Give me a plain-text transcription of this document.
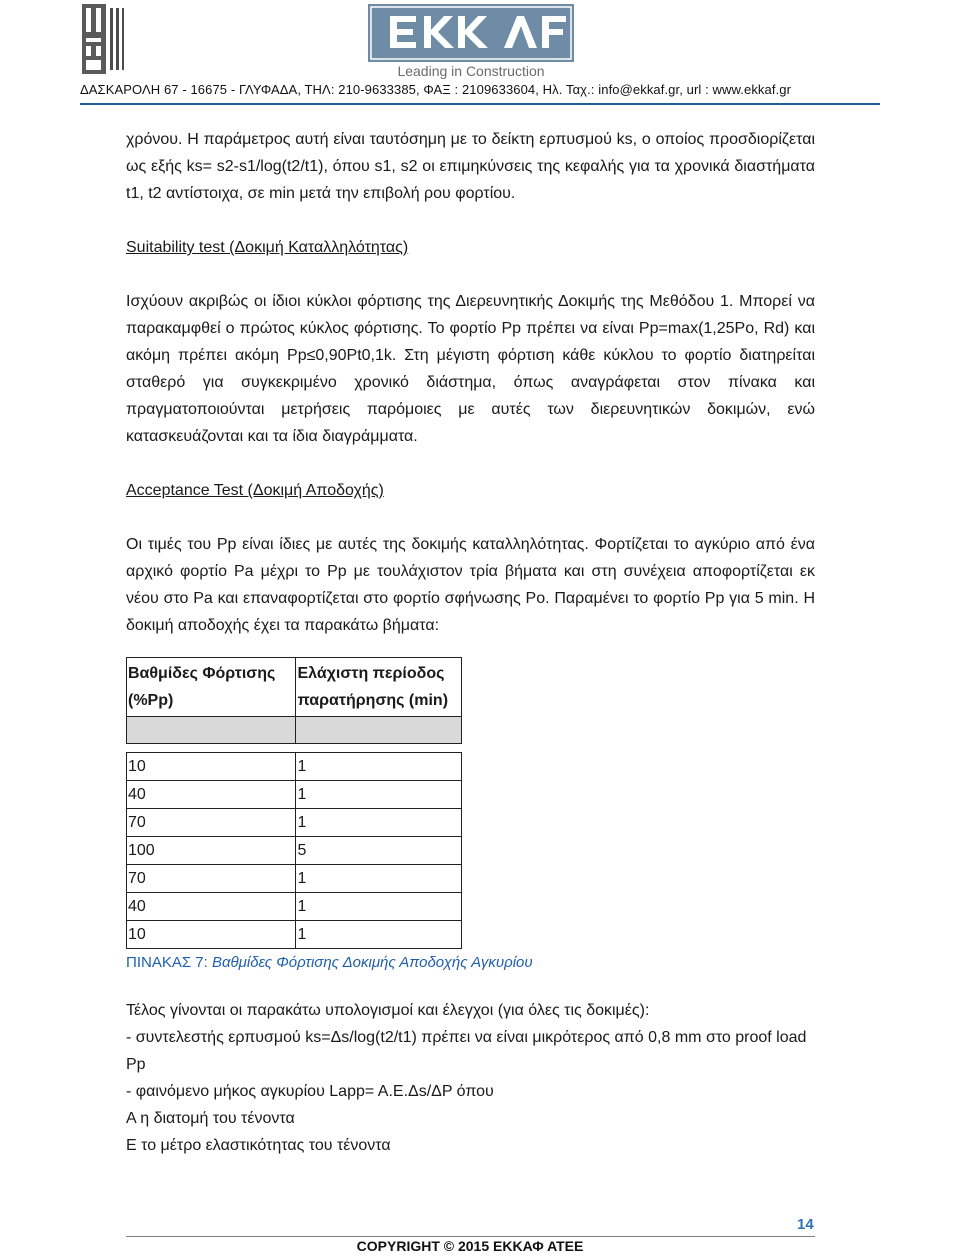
Leading in Construction
ΔΑΣΚΑΡΟΛΗ 67 - 16675 - ΓΛΥΦΑΔΑ, ΤΗΛ: 210-9633385, ΦΑΞ : 2109633604, Ηλ. Ταχ.: info@ekkaf.gr, url : www.ekkaf.gr

χρόνου. Η παράμετρος αυτή είναι ταυτόσημη με το δείκτη ερπυσμού ks, ο οποίος προσδιορίζεται ως εξής ks= s2-s1/log(t2/t1), όπου s1, s2 οι επιμηκύνσεις της κεφαλής για τα χρονικά διαστήματα t1, t2 αντίστοιχα, σε min μετά την επιβολή ρου φορτίου.

Suitability test (Δοκιμή Καταλληλότητας)

Ισχύουν ακριβώς οι ίδιοι κύκλοι φόρτισης της Διερευνητικής Δοκιμής της Μεθόδου 1. Μπορεί να παρακαμφθεί ο πρώτος κύκλος φόρτισης. Το φορτίο Pp πρέπει να είναι Pp=max(1,25Po, Rd) και ακόμη πρέπει ακόμη Pp≤0,90Pt0,1k. Στη μέγιστη φόρτιση κάθε κύκλου το φορτίο διατηρείται σταθερό για συγκεκριμένο χρονικό διάστημα, όπως αναγράφεται στον πίνακα και πραγματοποιούνται μετρήσεις παρόμοιες με αυτές των διερευνητικών δοκιμών, ενώ κατασκευάζονται και τα ίδια διαγράμματα.

Acceptance Test (Δοκιμή Αποδοχής)

Οι τιμές του Pp είναι ίδιες με αυτές της δοκιμής καταλληλότητας. Φορτίζεται το αγκύριο από ένα αρχικό φορτίο Pa μέχρι το Pp με τουλάχιστον τρία βήματα και στη συνέχεια αποφορτίζεται εκ νέου στο Pa και επαναφορτίζεται στο φορτίο σφήνωσης Po. Παραμένει το φορτίο Pp για 5 min. Η δοκιμή αποδοχής έχει τα παρακάτω βήματα:

Βαθμίδες Φόρτισης (%Pp)	Ελάχιστη περίοδος παρατήρησης (min)

10	1
40	1
70	1
100	5
70	1
40	1
10	1
ΠΙΝΑΚΑΣ 7: Βαθμίδες Φόρτισης Δοκιμής Αποδοχής Αγκυρίου

Τέλος γίνονται οι παρακάτω υπολογισμοί και έλεγχοι (για όλες τις δοκιμές):

- συντελεστής ερπυσμού ks=Δs/log(t2/t1) πρέπει να είναι μικρότερος από 0,8 mm στο proof load Pp

- φαινόμενο μήκος αγκυρίου Lapp= A.E.Δs/ΔP όπου

A η διατομή του τένοντα

E το μέτρο ελαστικότητας του τένοντα

14
COPYRIGHT © 2015 ΕΚΚΑΦ ΑΤΕΕ
